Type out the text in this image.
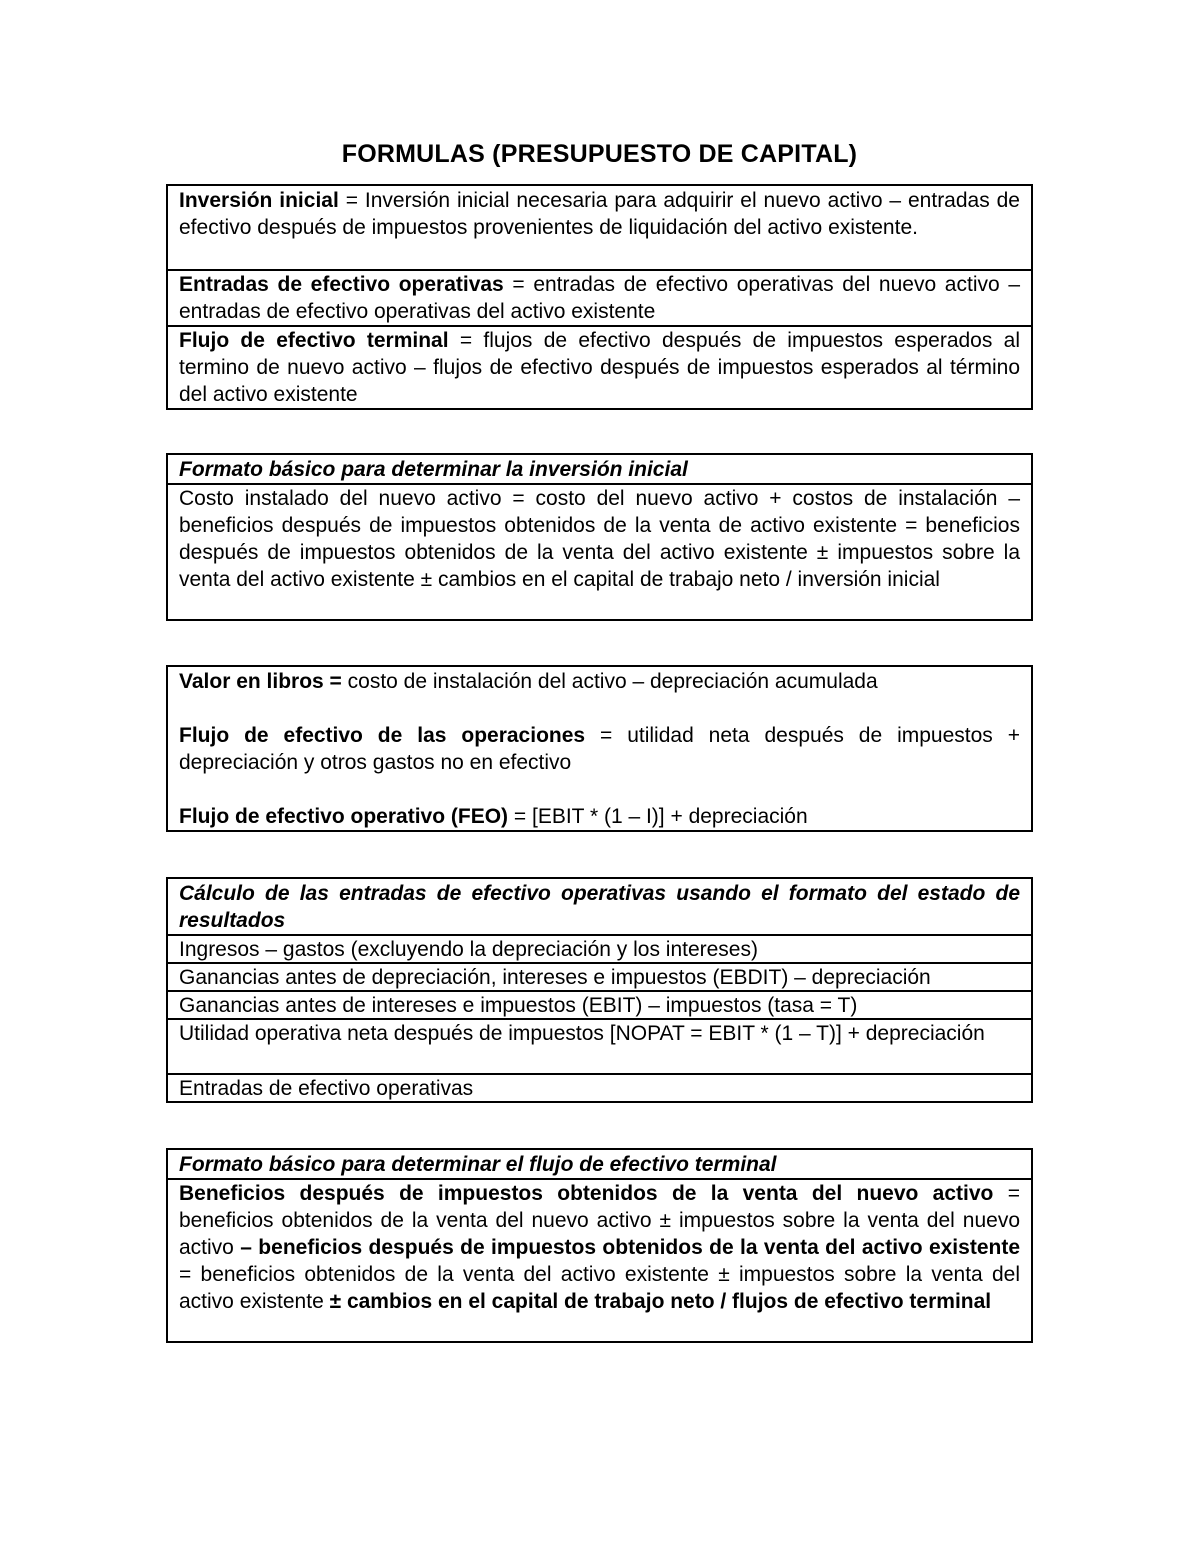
FORMULAS (PRESUPUESTO DE CAPITAL)
Inversión inicial = Inversión inicial necesaria para adquirir el nuevo activo – entradas de efectivo después de impuestos provenientes de liquidación del activo existente.
Entradas de efectivo operativas = entradas de efectivo operativas del nuevo activo – entradas de efectivo operativas del activo existente
Flujo de efectivo terminal = flujos de efectivo después de impuestos esperados al termino de nuevo activo – flujos de efectivo después de impuestos esperados al término del activo existente
Formato básico para determinar la inversión inicial
Costo instalado del nuevo activo = costo del nuevo activo + costos de instalación – beneficios después de impuestos obtenidos de la venta de activo existente = beneficios después de impuestos obtenidos de la venta del activo existente ± impuestos sobre la venta del activo existente ± cambios en el capital de trabajo neto / inversión inicial
Valor en libros = costo de instalación del activo – depreciación acumulada
Flujo de efectivo de las operaciones = utilidad neta después de impuestos + depreciación y otros gastos no en efectivo
Flujo de efectivo operativo (FEO) = [EBIT * (1 – I)] + depreciación
Cálculo de las entradas de efectivo operativas usando el formato del estado de resultados
Ingresos – gastos (excluyendo la depreciación y los intereses)
Ganancias antes de depreciación, intereses e impuestos (EBDIT) – depreciación
Ganancias antes de intereses e impuestos (EBIT) – impuestos (tasa = T)
Utilidad operativa neta después de impuestos [NOPAT = EBIT * (1 – T)] + depreciación
Entradas de efectivo operativas
Formato básico para determinar el flujo de efectivo terminal
Beneficios después de impuestos obtenidos de la venta del nuevo activo = beneficios obtenidos de la venta del nuevo activo ± impuestos sobre la venta del nuevo activo – beneficios después de impuestos obtenidos de la venta del activo existente = beneficios obtenidos de la venta del activo existente ± impuestos sobre la venta del activo existente ± cambios en el capital de trabajo neto / flujos de efectivo terminal
